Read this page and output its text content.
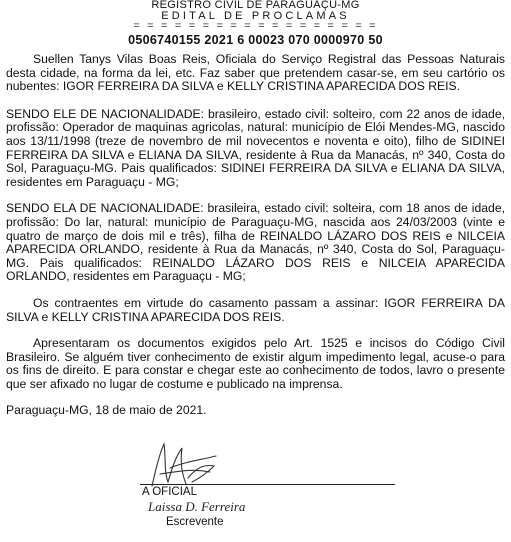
REGISTRO CIVIL DE PARAGUAÇU-MG
EDITAL DE PROCLAMAS
= = = = = = = = = = = = = = = = = =
0506740155 2021 6 00023 070 0000970 50

Suellen Tanys Vilas Boas Reis, Oficiala do Serviço Registral das Pessoas Naturais desta cidade, na forma da lei, etc. Faz saber que pretendem casar-se, em seu cartório os nubentes: IGOR FERREIRA DA SILVA e KELLY CRISTINA APARECIDA DOS REIS.

SENDO ELE DE NACIONALIDADE: brasileiro, estado civil: solteiro, com 22 anos de idade, profissão: Operador de maquinas agricolas, natural: município de Elói Mendes-MG, nascido aos 13/11/1998 (treze de novembro de mil novecentos e noventa e oito), filho de SIDINEI FERREIRA DA SILVA e ELIANA DA SILVA, residente à Rua da Manacás, nº 340, Costa do Sol, Paraguaçu-MG. Pais qualificados: SIDINEI FERREIRA DA SILVA e ELIANA DA SILVA, residentes em Paraguaçu - MG;

SENDO ELA DE NACIONALIDADE: brasileira, estado civil: solteira, com 18 anos de idade, profissão: Do lar, natural: município de Paraguaçu-MG, nascida aos 24/03/2003 (vinte e quatro de março de dois mil e três), filha de REINALDO LÁZARO DOS REIS e NILCEIA APARECIDA ORLANDO, residente à Rua da Manacás, nº 340, Costa do Sol, Paraguaçu-MG. Pais qualificados: REINALDO LÁZARO DOS REIS e NILCEIA APARECIDA ORLANDO, residentes em Paraguaçu - MG;

Os contraentes em virtude do casamento passam a assinar: IGOR FERREIRA DA SILVA e KELLY CRISTINA APARECIDA DOS REIS.

Apresentaram os documentos exigidos pelo Art. 1525 e incisos do Código Civil Brasileiro. Se alguém tiver conhecimento de existir algum impedimento legal, acuse-o para os fins de direito. E para constar e chegar este ao conhecimento de todos, lavro o presente que ser afixado no lugar de costume e publicado na imprensa.

Paraguaçu-MG, 18 de maio de 2021.

A OFICIAL
Laissa D. Ferreira
Escrevente
